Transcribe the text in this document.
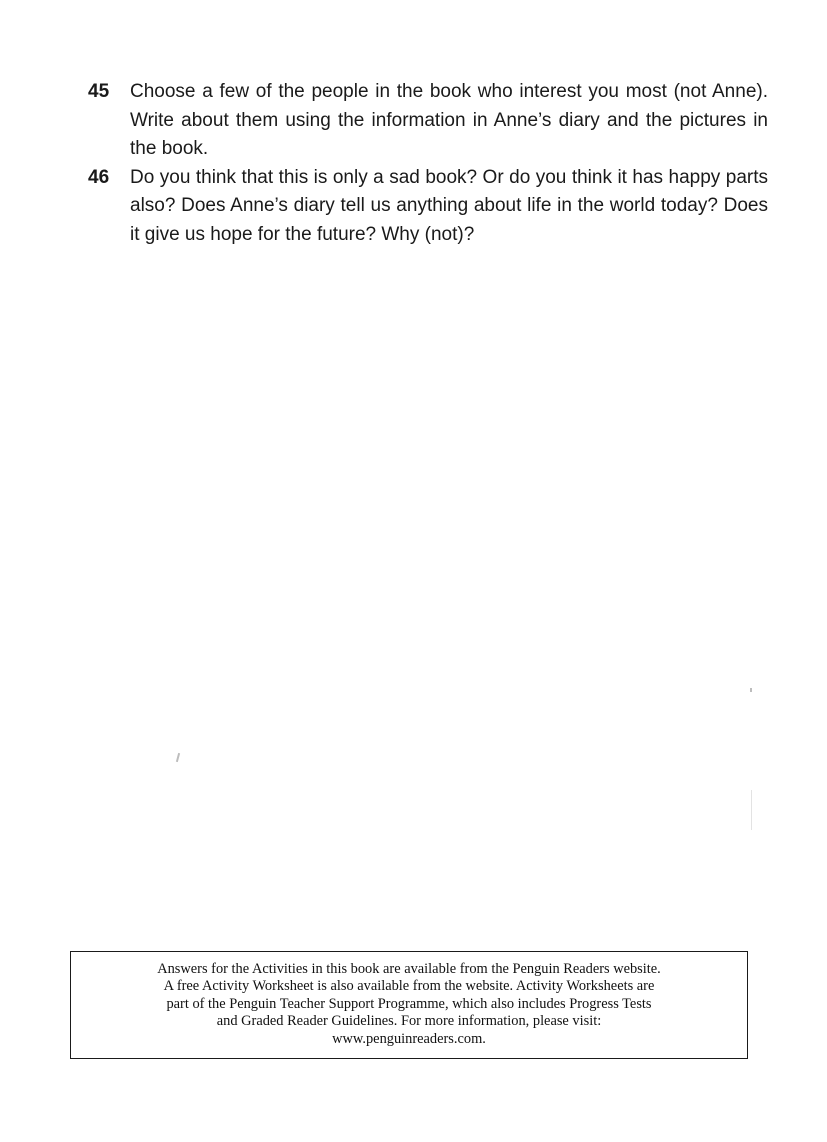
45	Choose a few of the people in the book who interest you most (not Anne). Write about them using the information in Anne’s diary and the pictures in the book.
46	Do you think that this is only a sad book? Or do you think it has happy parts also? Does Anne’s diary tell us anything about life in the world today? Does it give us hope for the future? Why (not)?
Answers for the Activities in this book are available from the Penguin Readers website.
A free Activity Worksheet is also available from the website. Activity Worksheets are
part of the Penguin Teacher Support Programme, which also includes Progress Tests
and Graded Reader Guidelines. For more information, please visit:
www.penguinreaders.com.
